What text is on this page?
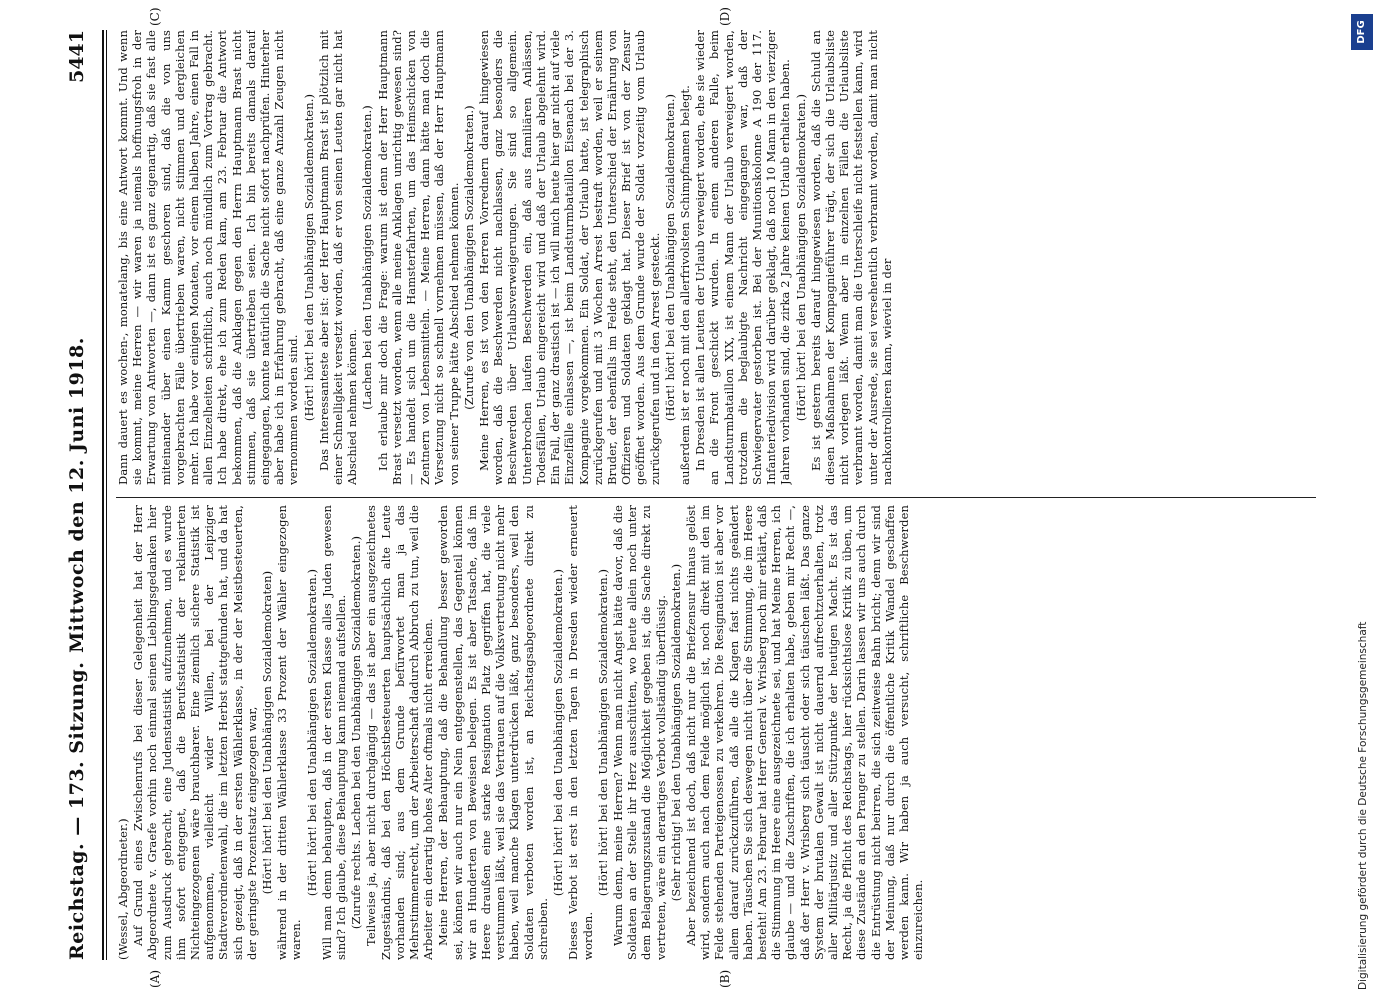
Reichstag. — 173. Sitzung.
Mittwoch den 12. Juni 1918.
5441
(A)	(B)
(C)	(D)

(Wessel, Abgeordneter.) Auf Grund eines Zwischenrufs bei dieser Gelegenheit hat der Herr Abgeordnete v. Graefe vorhin noch einmal seinen Lieblingsgedanken hier zum Ausdruck gebracht, eine Judenstatistik aufzunehmen, und es wurde ihm sofort entgegnet, daß die Berufsstatistik der reklamierten Nichteingezogenen wäre brauchbarer. Eine ziemlich sichere Statistik ist aufgenommen, vielleicht wider Willen, bei der Leipziger Stadtverordnetenwahl, die im letzten Herbst stattgefunden hat, und da hat sich gezeigt, daß in der ersten Wählerklasse, in der der Meistbesteuerten, der geringste Prozentsatz eingezogen war, (Hört! hört! bei den Unabhängigen Sozialdemokraten) während in der dritten Wählerklasse 33 Prozent der Wähler eingezogen waren.

(Hört! hört! bei den Unabhängigen Sozialdemokraten.) Will man denn behaupten, daß in der ersten Klasse alles Juden gewesen sind? Ich glaube, diese Behauptung kann niemand aufstellen. (Zurufe rechts. Lachen bei den Unabhängigen Sozialdemokraten.) Teilweise ja, aber nicht durchgängig — das ist aber ein ausgezeichnetes Zugeständnis, daß bei den Höchstbesteuerten hauptsächlich alte Leute vorhanden sind; aus dem Grunde befürwortet man ja das Mehrstimmenrecht, um der Arbeiterschaft dadurch Abbruch zu tun, weil die Arbeiter ein derartig hohes Alter oftmals nicht erreichen. Meine Herren, der Behauptung, daß die Behandlung besser geworden sei, können wir auch nur ein Nein entgegenstellen, das Gegenteil können wir an Hunderten von Beweisen belegen. Es ist aber Tatsache, daß im Heere draußen eine starke Resignation Platz gegriffen hat, die viele verstummen läßt, weil sie das Vertrauen auf die Volksvertretung nicht mehr haben, weil manche Klagen unterdrücken läßt, ganz besonders, weil den Soldaten verboten worden ist, an Reichstagsabgeordnete direkt zu schreiben.

(Hört! hört! bei den Unabhängigen Sozialdemokraten.) Dieses Verbot ist erst in den letzten Tagen in Dresden wieder erneuert worden.

(Hört! hört! bei den Unabhängigen Sozialdemokraten.) Warum denn, meine Herren? Wenn man nicht Angst hätte davor, daß die Soldaten an der Stelle ihr Herz ausschütten, wo heute allein noch unter dem Belagerungszustand die Möglichkeit gegeben ist, die Sache direkt zu vertreten, wäre ein derartiges Verbot vollständig überflüssig. (Sehr richtig! bei den Unabhängigen Sozialdemokraten.) Aber bezeichnend ist doch, daß nicht nur die Briefzensur hinaus gelöst wird, sondern auch nach dem Felde möglich ist, noch direkt mit den im Felde stehenden Parteigenossen zu verkehren. Die Resignation ist aber vor allem darauf zurückzuführen, daß alle die Klagen fast nichts geändert haben. Täuschen Sie sich deswegen nicht über die Stimmung, die im Heere besteht! Am 23. Februar hat Herr General v. Wrisberg noch mir erklärt, daß die Stimmung im Heere eine ausgezeichnete sei, und hat Meine Herren, ich glaube — und die Zuschriften, die ich erhalten habe, geben mir Recht —, daß der Herr v. Wrisberg sich täuscht oder sich täuschen läßt. Das ganze System der brutalen Gewalt ist nicht dauernd aufrechtzuerhalten, trotz aller Militärjustiz und aller Stützpunkte der heutigen Macht. Es ist das Recht, ja die Pflicht des Reichstags, hier rücksichtslose Kritik zu üben, um diese Zustände an den Pranger zu stellen. Darin lassen wir uns auch durch die Entrüstung nicht beirren, die sich zeitweise Bahn bricht; denn wir sind der Meinung, daß nur durch die öffentliche Kritik Wandel geschaffen werden kann. Wir haben ja auch versucht, schriftliche Beschwerden einzureichen.

Dann dauert es wochen-, monatelang, bis eine Antwort kommt. Und wenn sie kommt, meine Herren — wir waren ja niemals hoffnungsfroh in der Erwartung von Antworten —, dann ist es ganz eigenartig, daß sie fast alle miteinander über einen Kamm geschoren sind, daß die von uns vorgebrachten Fälle übertrieben waren, nicht stimmen und dergleichen mehr. Ich habe vor einigen Monaten, vor einem halben Jahre, einen Fall in allen Einzelheiten schriftlich, auch noch mündlich zum Vortrag gebracht. Ich habe direkt, ehe ich zum Reden kam, am 23. Februar die Antwort bekommen, daß die Anklagen gegen den Herrn Hauptmann Brast nicht stimmen, daß sie übertrieben seien. Ich bin bereits damals darauf eingegangen, konnte natürlich die Sache nicht sofort nachprüfen. Hinterher aber habe ich in Erfahrung gebracht, daß eine ganze Anzahl Zeugen nicht vernommen worden sind. (Hört! hört! bei den Unabhängigen Sozialdemokraten.) Das Interessanteste aber ist: der Herr Hauptmann Brast ist plötzlich mit einer Schnelligkeit versetzt worden, daß er von seinen Leuten gar nicht hat Abschied nehmen können. (Lachen bei den Unabhängigen Sozialdemokraten.) Ich erlaube mir doch die Frage: warum ist denn der Herr Hauptmann Brast versetzt worden, wenn alle meine Anklagen unrichtig gewesen sind? — Es handelt sich um die Hamsterfahrten, um das Heimschicken von Zentnern von Lebensmitteln. — Meine Herren, dann hätte man doch die Versetzung nicht so schnell vornehmen müssen, daß der Herr Hauptmann von seiner Truppe hätte Abschied nehmen können. (Zurufe von den Unabhängigen Sozialdemokraten.) Meine Herren, es ist von den Herren Vorrednern darauf hingewiesen worden, daß die Beschwerden nicht nachlassen, ganz besonders die Beschwerden über Urlaubsverweigerungen. Sie sind so allgemein. Unterbrochen laufen Beschwerden ein, daß aus familiären Anlässen, Todesfällen, Urlaub eingereicht wird und daß der Urlaub abgelehnt wird. Ein Fall, der ganz drastisch ist — ich will mich heute hier gar nicht auf viele Einzelfälle einlassen —, ist beim Landsturmbataillon Eisenach bei der 3. Kompagnie vorgekommen. Ein Soldat, der Urlaub hatte, ist telegraphisch zurückgerufen und mit 3 Wochen Arrest bestraft worden, weil er seinem Bruder, der ebenfalls im Felde steht, den Unterschied der Ernährung von Offizieren und Soldaten geklagt hat. Dieser Brief ist von der Zensur geöffnet worden. Aus dem Grunde wurde der Soldat vorzeitig vom Urlaub zurückgerufen und in den Arrest gesteckt. (Hört! hört! bei den Unabhängigen Sozialdemokraten.) außerdem ist er noch mit den allerfrivolsten Schimpfnamen belegt. In Dresden ist allen Leuten der Urlaub verweigert worden, ehe sie wieder an die Front geschickt wurden. In einem anderen Falle, beim Landsturmbataillon XIX, ist einem Mann der Urlaub verweigert worden, trotzdem die beglaubigte Nachricht eingegangen war, daß der Schwiegervater gestorben ist. Bei der Munitionskolonne A 190 der 117. Infanteriedivision wird darüber geklagt, daß noch 10 Mann in den vierziger Jahren vorhanden sind, die zirka 2 Jahre keinen Urlaub erhalten haben. (Hört! hört! bei den Unabhängigen Sozialdemokraten.) Es ist gestern bereits darauf hingewiesen worden, daß die Schuld an diesen Maßnahmen der Kompagnieführer trägt, der sich die Urlaubsliste nicht vorlegen läßt. Wenn aber in einzelnen Fällen die Urlaubsliste verbrannt worden, damit man die Unterschleife nicht feststellen kann, wird unter der Ausrede, sie sei versehentlich verbrannt worden, damit man nicht nachkontrollieren kann, wieviel in der

Digitalisierung gefördert durch die Deutsche Forschungsgemeinschaft
DFG
